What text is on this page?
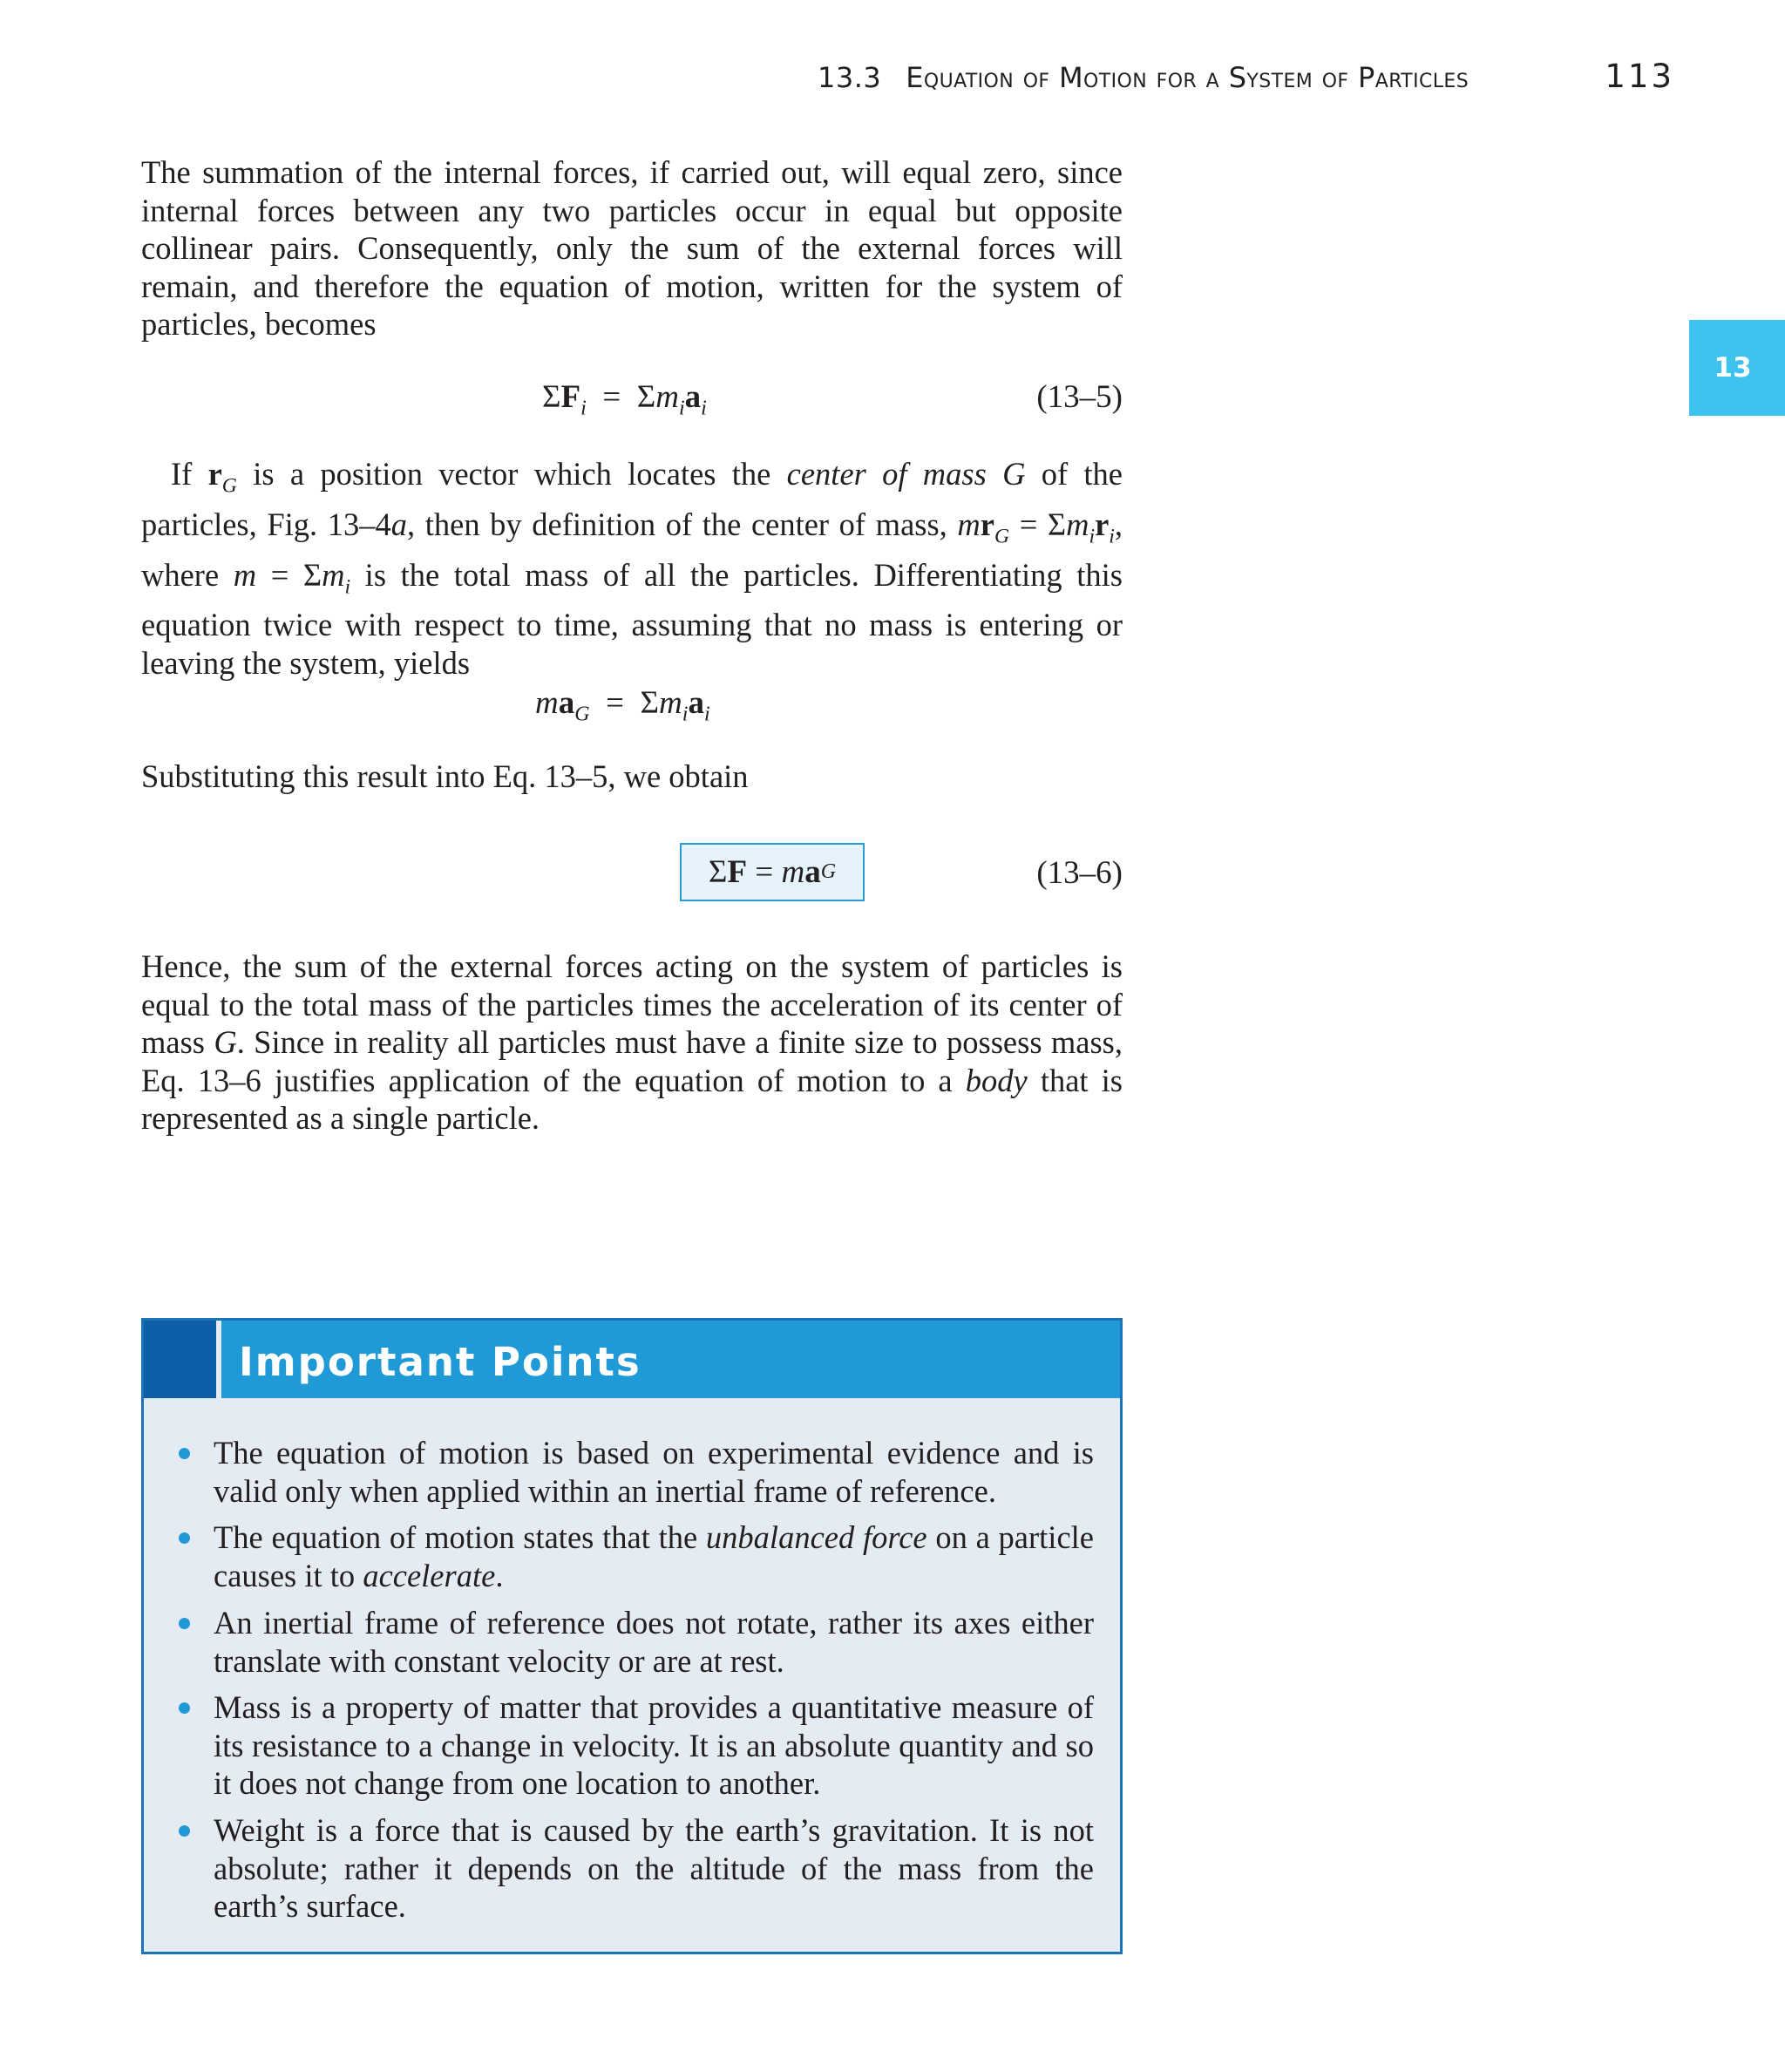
13.3 Equation of Motion for a System of Particles	113
13

The summation of the internal forces, if carried out, will equal zero, since internal forces between any two particles occur in equal but opposite collinear pairs. Consequently, only the sum of the external forces will remain, and therefore the equation of motion, written for the system of particles, becomes

$\Sigma F_i = \Sigma m_ia_i$	(13–5)

If $r_G$ is a position vector which locates the center of mass G of the particles, Fig. 13–4a, then by definition of the center of mass, $mr_G = \Sigma m_ir_i$, where $m = \Sigma m_i$ is the total mass of all the particles. Differentiating this equation twice with respect to time, assuming that no mass is entering or leaving the system, yields

$ma_G = \Sigma m_ia_i$

Substituting this result into Eq. 13–5, we obtain

Σ F = m a G	(13–6)

Hence, the sum of the external forces acting on the system of particles is equal to the total mass of the particles times the acceleration of its center of mass G. Since in reality all particles must have a finite size to possess mass, Eq. 13–6 justifies application of the equation of motion to a body that is represented as a single particle.

Important Points
The equation of motion is based on experimental evidence and is valid only when applied within an inertial frame of reference.
The equation of motion states that the unbalanced force on a particle causes it to accelerate.
An inertial frame of reference does not rotate, rather its axes either translate with constant velocity or are at rest.
Mass is a property of matter that provides a quantitative measure of its resistance to a change in velocity. It is an absolute quantity and so it does not change from one location to another.
Weight is a force that is caused by the earth’s gravitation. It is not absolute; rather it depends on the altitude of the mass from the earth’s surface.
